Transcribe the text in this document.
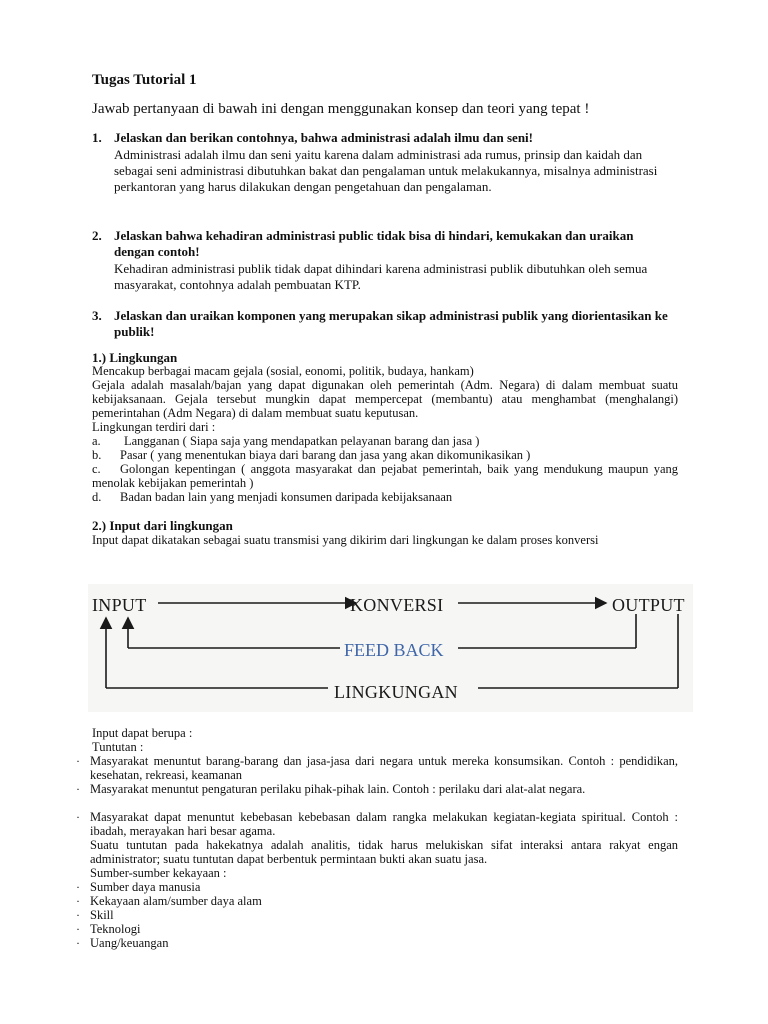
Tugas Tutorial 1
Jawab pertanyaan di bawah ini dengan menggunakan konsep dan teori yang tepat !
1. Jelaskan dan berikan contohnya, bahwa administrasi adalah ilmu dan seni!
Administrasi adalah ilmu dan seni yaitu karena dalam administrasi ada rumus, prinsip dan kaidah dan sebagai seni administrasi dibutuhkan bakat dan pengalaman untuk melakukannya, misalnya administrasi perkantoran yang harus dilakukan dengan pengetahuan dan pengalaman.
2. Jelaskan bahwa kehadiran administrasi public tidak bisa di hindari, kemukakan dan uraikan dengan contoh!
Kehadiran administrasi publik tidak dapat dihindari karena administrasi publik dibutuhkan oleh semua masyarakat, contohnya adalah pembuatan KTP.
3. Jelaskan dan uraikan komponen yang merupakan sikap administrasi publik yang diorientasikan ke publik!
1.) Lingkungan
Mencakup berbagai macam gejala (sosial, eonomi, politik, budaya, hankam)
Gejala adalah masalah/bajan yang dapat digunakan oleh pemerintah (Adm. Negara) di dalam membuat suatu kebijaksanaan. Gejala tersebut mungkin dapat mempercepat (membantu) atau menghambat (menghalangi) pemerintahan (Adm Negara) di dalam membuat suatu keputusan.
Lingkungan terdiri dari :
a. Langganan ( Siapa saja yang mendapatkan pelayanan barang dan jasa )
b. Pasar ( yang menentukan biaya dari barang dan jasa yang akan dikomunikasikan )
c.	Golongan kepentingan ( anggota masyarakat dan pejabat pemerintah, baik yang mendukung maupun yang menolak kebijakan pemerintah )
d. Badan badan lain yang menjadi konsumen daripada kebijaksanaan
2.) Input dari lingkungan
Input dapat dikatakan sebagai suatu transmisi yang dikirim dari lingkungan ke dalam proses konversi
INPUT	KONVERSI	OUTPUT
FEED BACK
LINGKUNGAN
Input dapat berupa :
Tuntutan :
· Masyarakat menuntut barang-barang dan jasa-jasa dari negara untuk mereka konsumsikan. Contoh : pendidikan, kesehatan, rekreasi, keamanan
· Masyarakat menuntut pengaturan perilaku pihak-pihak lain. Contoh : perilaku dari alat-alat negara.
· Masyarakat dapat menuntut kebebasan kebebasan dalam rangka melakukan kegiatan-kegiata spiritual. Contoh : ibadah, merayakan hari besar agama.
Suatu tuntutan pada hakekatnya adalah analitis, tidak harus melukiskan sifat interaksi antara rakyat engan administrator; suatu tuntutan dapat berbentuk permintaan bukti akan suatu jasa.
Sumber-sumber kekayaan :
· Sumber daya manusia
· Kekayaan alam/sumber daya alam
· Skill
· Teknologi
· Uang/keuangan
